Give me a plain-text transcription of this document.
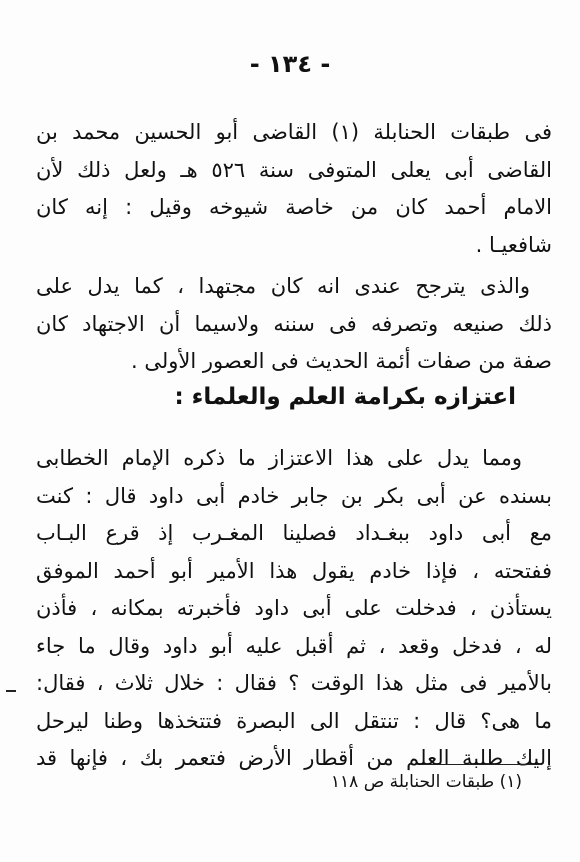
- ١٣٤ -
فى طبقات الحنابلة (١) القاضى أبو الحسين محمد بن
القاضى أبى يعلى المتوفى سنة ٥٢٦ هـ ولعل ذلك لأن
الامام أحمد كان من خاصة شيوخه وقيل : إنه كان
شافعيـا .
والذى يترجح عندى انه كان مجتهدا ، كما يدل على
ذلك صنيعه وتصرفه فى سننه ولاسيما أن الاجتهاد كان
صفة من صفات أئمة الحديث فى العصور الأولى .
اعتزازه بكرامة العلم والعلماء :
ومما يدل على هذا الاعتزاز ما ذكره الإمام الخطابى
بسنده عن أبى بكر بن جابر خادم أبى داود قال : كنت
مع أبى داود ببغـداد فصلينا المغـرب إذ قرع البـاب
ففتحته ، فإذا خادم يقول هذا الأمير أبو أحمد الموفق
يستأذن ، فدخلت على أبى داود فأخبرته بمكانه ، فأذن
له ، فدخل وقعد ، ثم أقبل عليه أبو داود وقال ما جاء
بالأمير فى مثل هذا الوقت ؟ فقال : خلال ثلاث ، فقال:
ما هى؟ قال : تنتقل الى البصرة فتتخذها وطنا ليرحل
إليك طلبة العلم من أقطار الأرض فتعمر بك ، فإنها قد
(١) طبقات الحنابلة ص ١١٨
